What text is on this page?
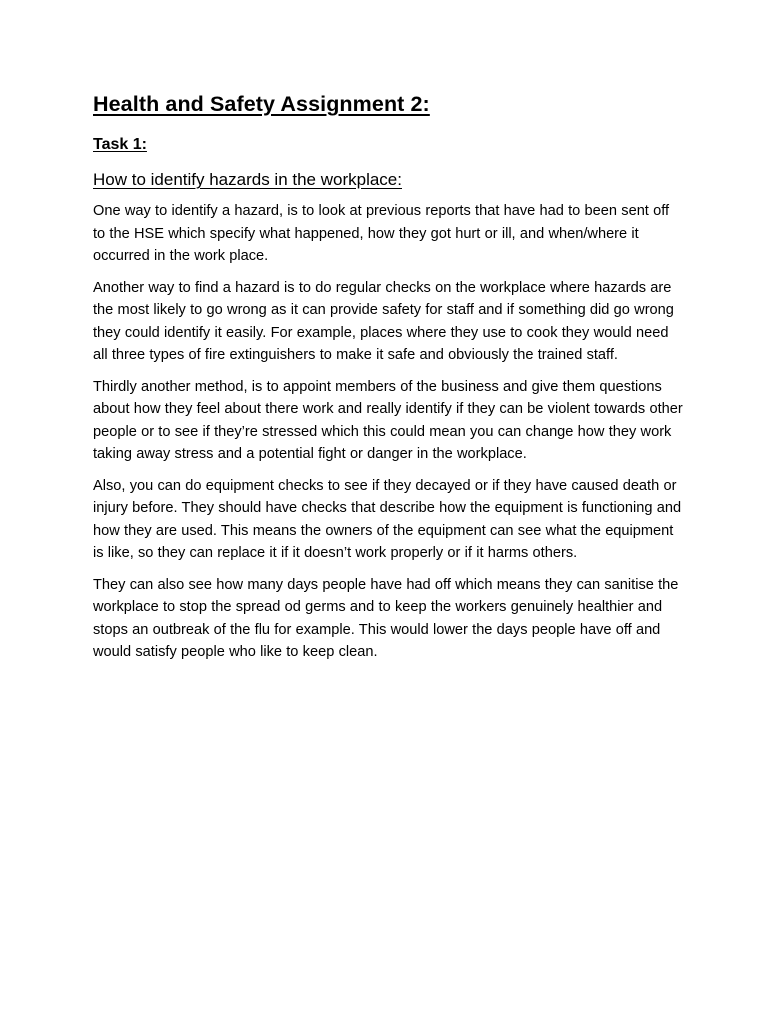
Health and Safety Assignment 2:
Task 1:
How to identify hazards in the workplace:

One way to identify a hazard, is to look at previous reports that have had to been sent off to the HSE which specify what happened, how they got hurt or ill, and when/where it occurred in the work place.

Another way to find a hazard is to do regular checks on the workplace where hazards are the most likely to go wrong as it can provide safety for staff and if something did go wrong they could identify it easily. For example, places where they use to cook they would need all three types of fire extinguishers to make it safe and obviously the trained staff.

Thirdly another method, is to appoint members of the business and give them questions about how they feel about there work and really identify if they can be violent towards other people or to see if they’re stressed which this could mean you can change how they work taking away stress and a potential fight or danger in the workplace.

Also, you can do equipment checks to see if they decayed or if they have caused death or injury before. They should have checks that describe how the equipment is functioning and how they are used. This means the owners of the equipment can see what the equipment is like, so they can replace it if it doesn’t work properly or if it harms others.

They can also see how many days people have had off which means they can sanitise the workplace to stop the spread od germs and to keep the workers genuinely healthier and stops an outbreak of the flu for example. This would lower the days people have off and would satisfy people who like to keep clean.
